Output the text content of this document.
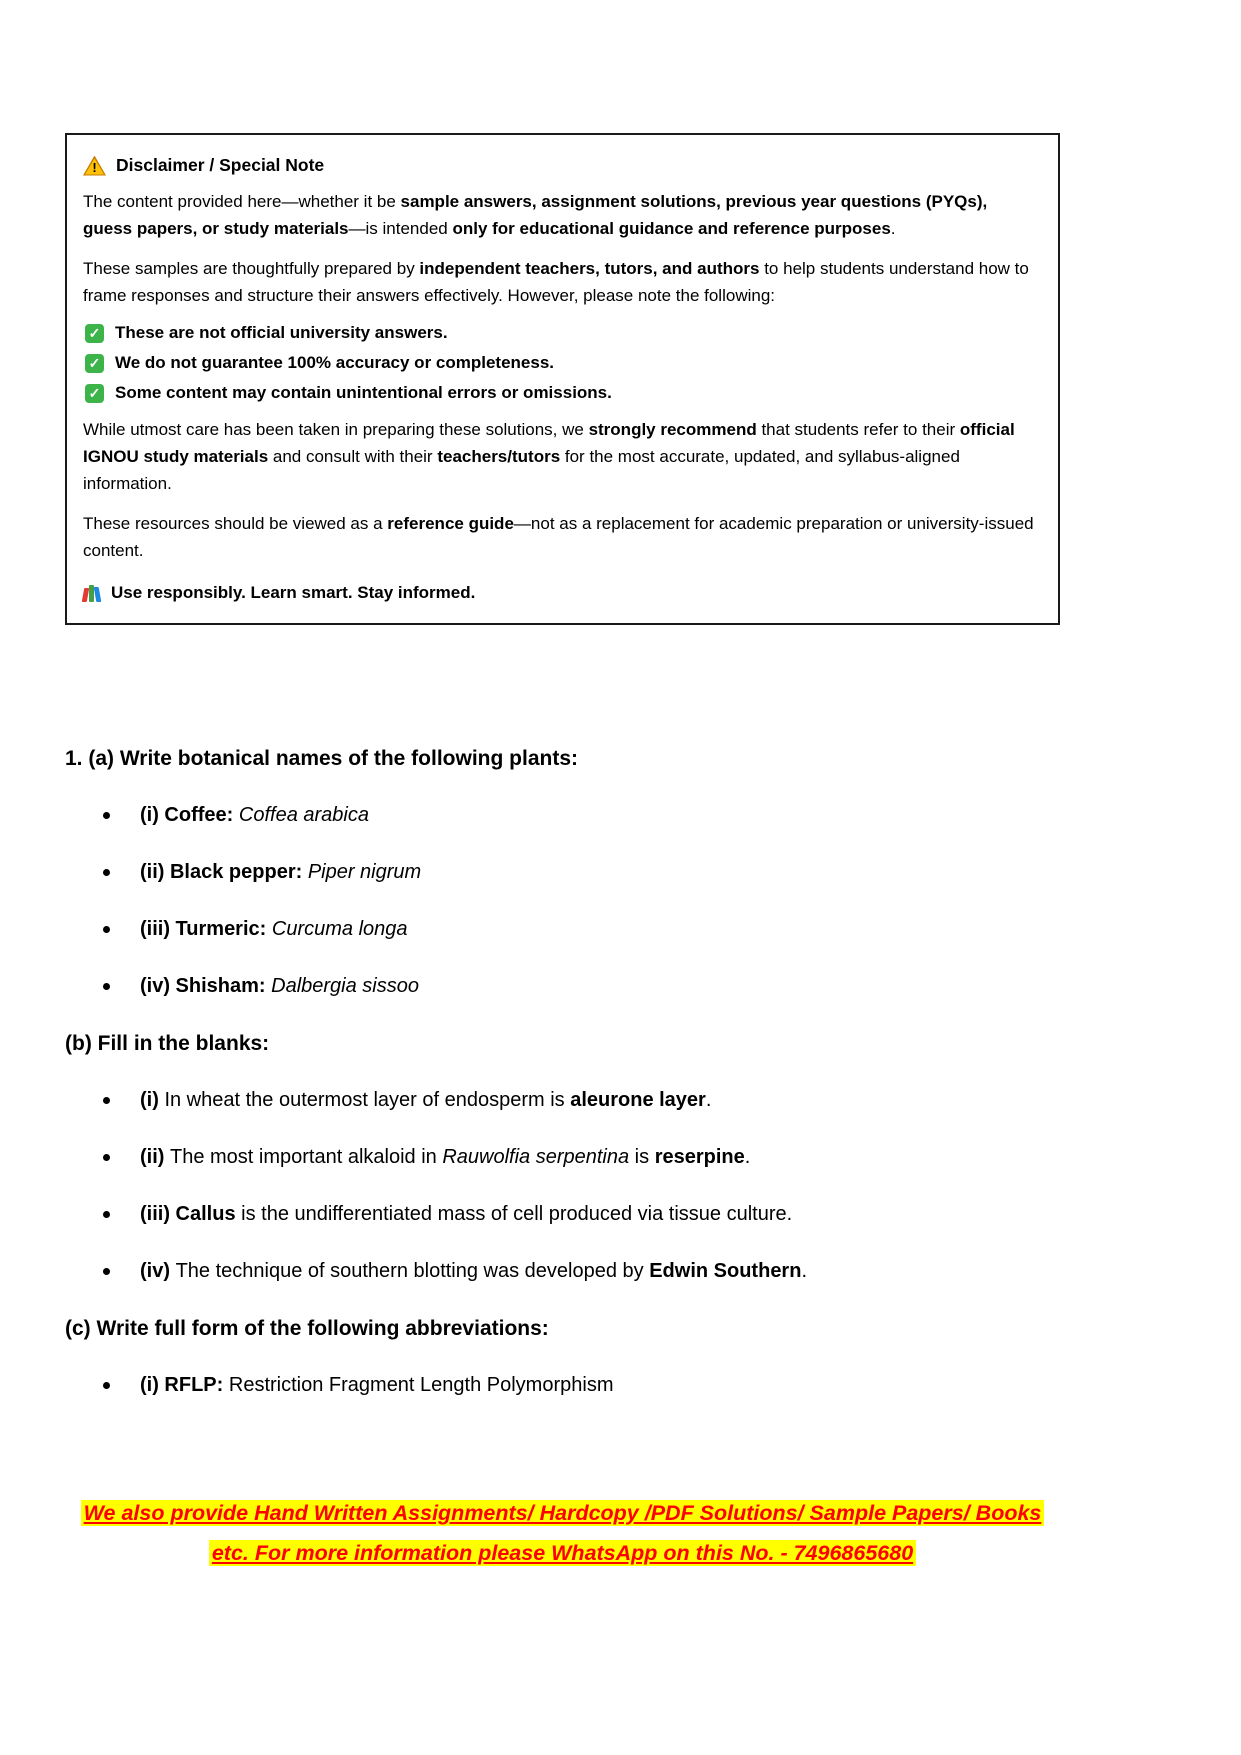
!	Disclaimer / Special Note

The content provided here—whether it be sample answers, assignment solutions, previous year questions (PYQs), guess papers, or study materials—is intended only for educational guidance and reference purposes.

These samples are thoughtfully prepared by independent teachers, tutors, and authors to help students understand how to frame responses and structure their answers effectively. However, please note the following:

✓ These are not official university answers.
✓ We do not guarantee 100% accuracy or completeness.
✓ Some content may contain unintentional errors or omissions.

While utmost care has been taken in preparing these solutions, we strongly recommend that students refer to their official IGNOU study materials and consult with their teachers/tutors for the most accurate, updated, and syllabus-aligned information.

These resources should be viewed as a reference guide—not as a replacement for academic preparation or university-issued content.

Use responsibly. Learn smart. Stay informed.
1. (a) Write botanical names of the following plants:
(i) Coffee: Coffea arabica
(ii) Black pepper: Piper nigrum
(iii) Turmeric: Curcuma longa
(iv) Shisham: Dalbergia sissoo
(b) Fill in the blanks:
(i) In wheat the outermost layer of endosperm is aleurone layer.
(ii) The most important alkaloid in Rauwolfia serpentina is reserpine.
(iii) Callus is the undifferentiated mass of cell produced via tissue culture.
(iv) The technique of southern blotting was developed by Edwin Southern.
(c) Write full form of the following abbreviations:
(i) RFLP: Restriction Fragment Length Polymorphism
We also provide Hand Written Assignments/ Hardcopy /PDF Solutions/ Sample Papers/ Books etc. For more information please WhatsApp on this No. - 7496865680
